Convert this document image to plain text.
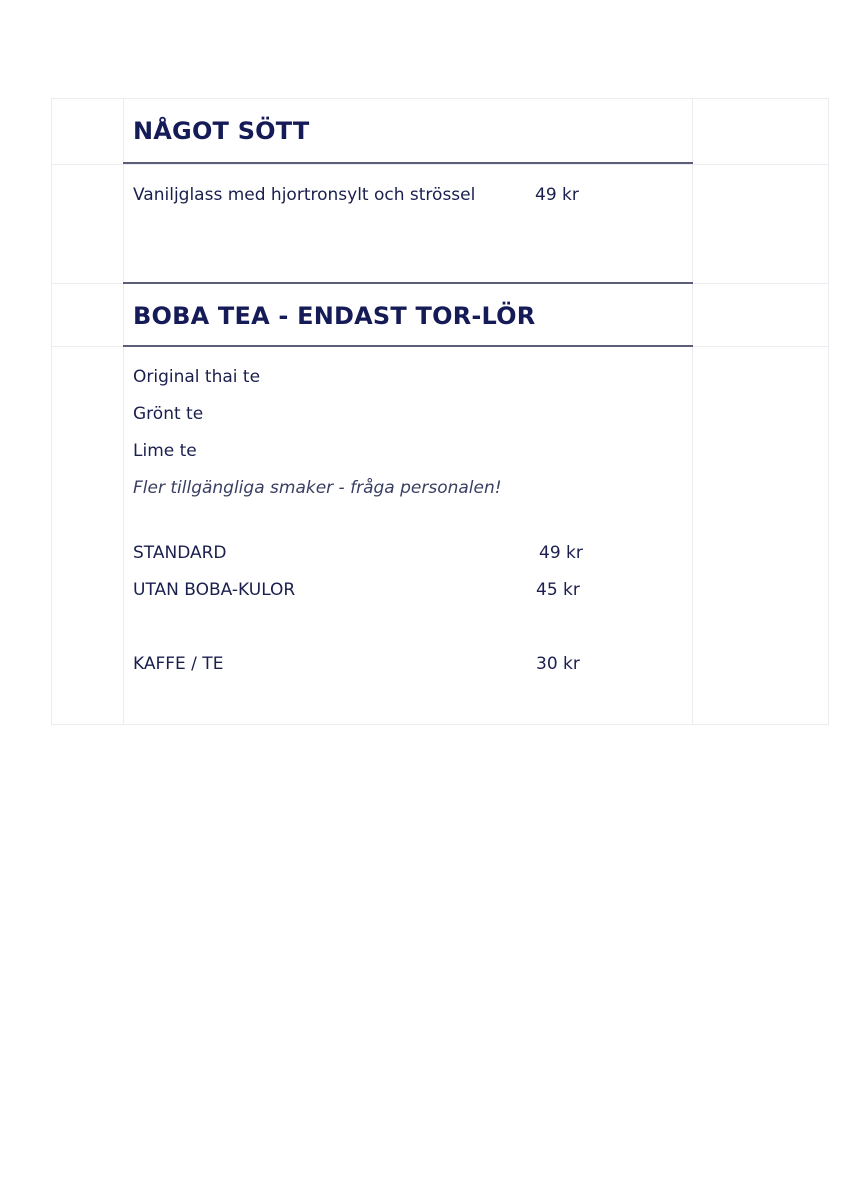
NÅGOT SÖTT
Vaniljglass med hjortronsylt och strössel	49 kr
BOBA TEA - ENDAST TOR-LÖR
Original thai te
Grönt te
Lime te
Fler tillgängliga smaker - fråga personalen!
STANDARD	49 kr
UTAN BOBA-KULOR	45 kr
KAFFE / TE	30 kr
